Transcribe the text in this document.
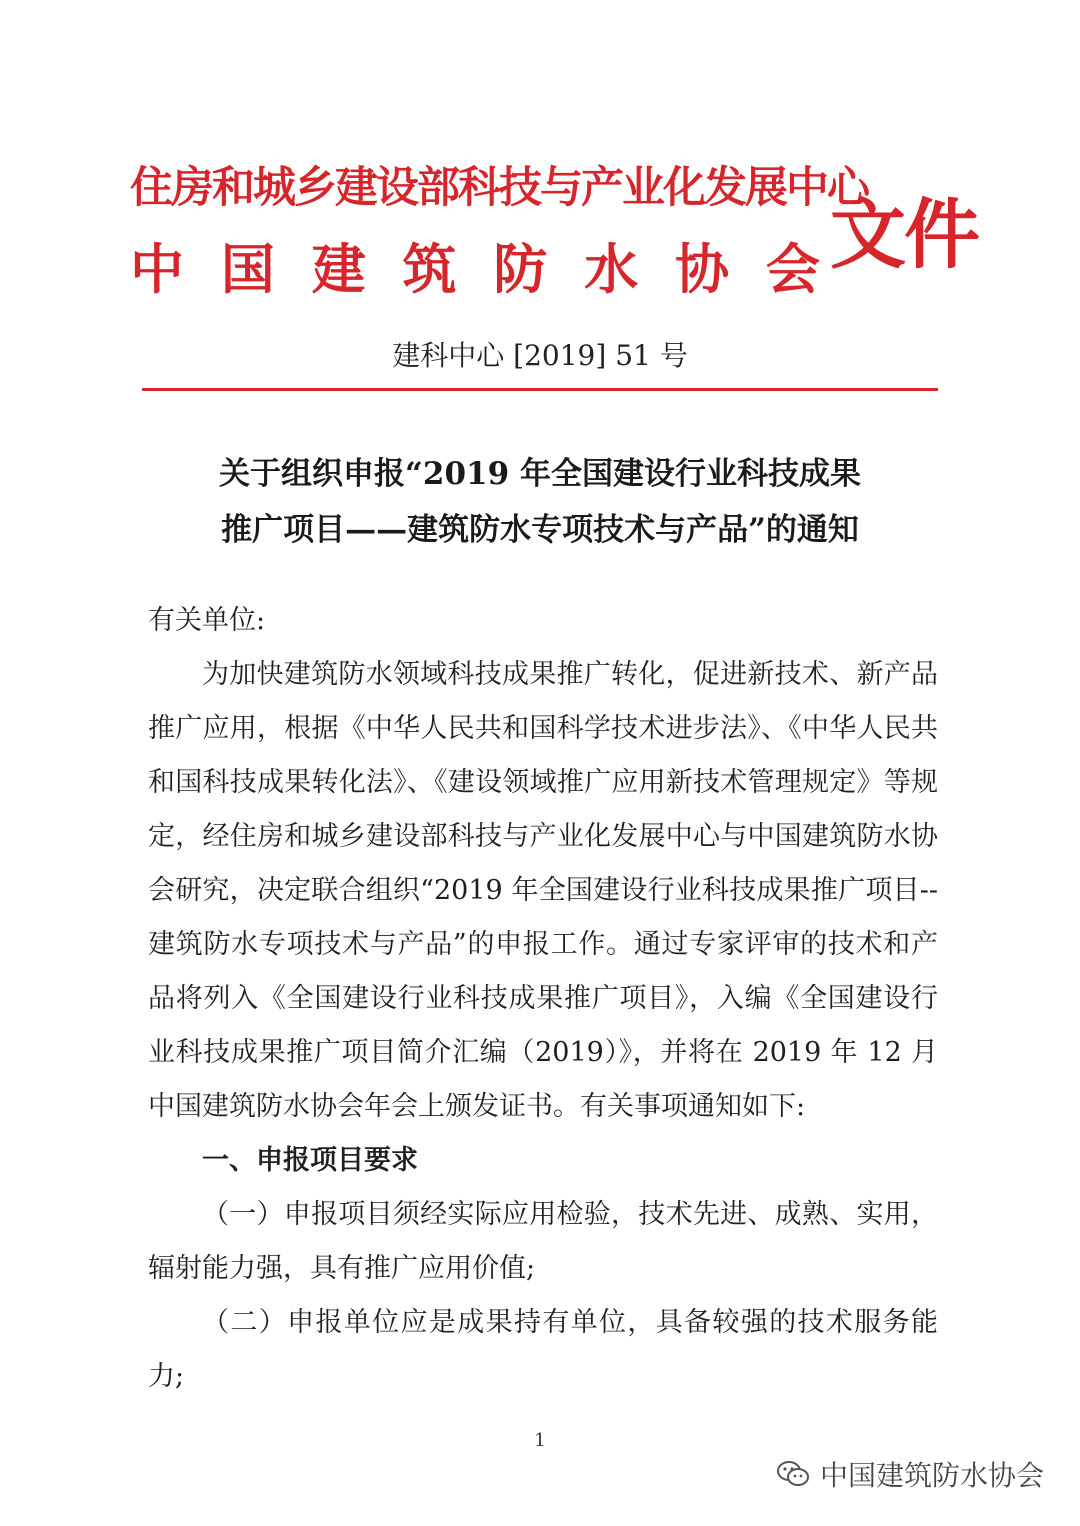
住房和城乡建设部科技与产业化发展中心
中 国 建 筑 防 水 协 会 文件
建科中心 [2019] 51 号
关于组织申报“2019 年全国建设行业科技成果
推广项目——建筑防水专项技术与产品”的通知

有关单位:

为加快建筑防水领域科技成果推广转化，促进新技术、新产品推广应用，根据《中华人民共和国科学技术进步法》、《中华人民共和国科技成果转化法》、《建设领域推广应用新技术管理规定》等规定，经住房和城乡建设部科技与产业化发展中心与中国建筑防水协会研究，决定联合组织“2019 年全国建设行业科技成果推广项目--建筑防水专项技术与产品”的申报工作。通过专家评审的技术和产品将列入《全国建设行业科技成果推广项目》，入编《全国建设行业科技成果推广项目简介汇编（2019）》，并将在 2019 年 12 月中国建筑防水协会年会上颁发证书。有关事项通知如下:

一、申报项目要求

（一）申报项目须经实际应用检验，技术先进、成熟、实用，辐射能力强，具有推广应用价值;

（二）申报单位应是成果持有单位，具备较强的技术服务能力;

1
中国建筑防水协会
